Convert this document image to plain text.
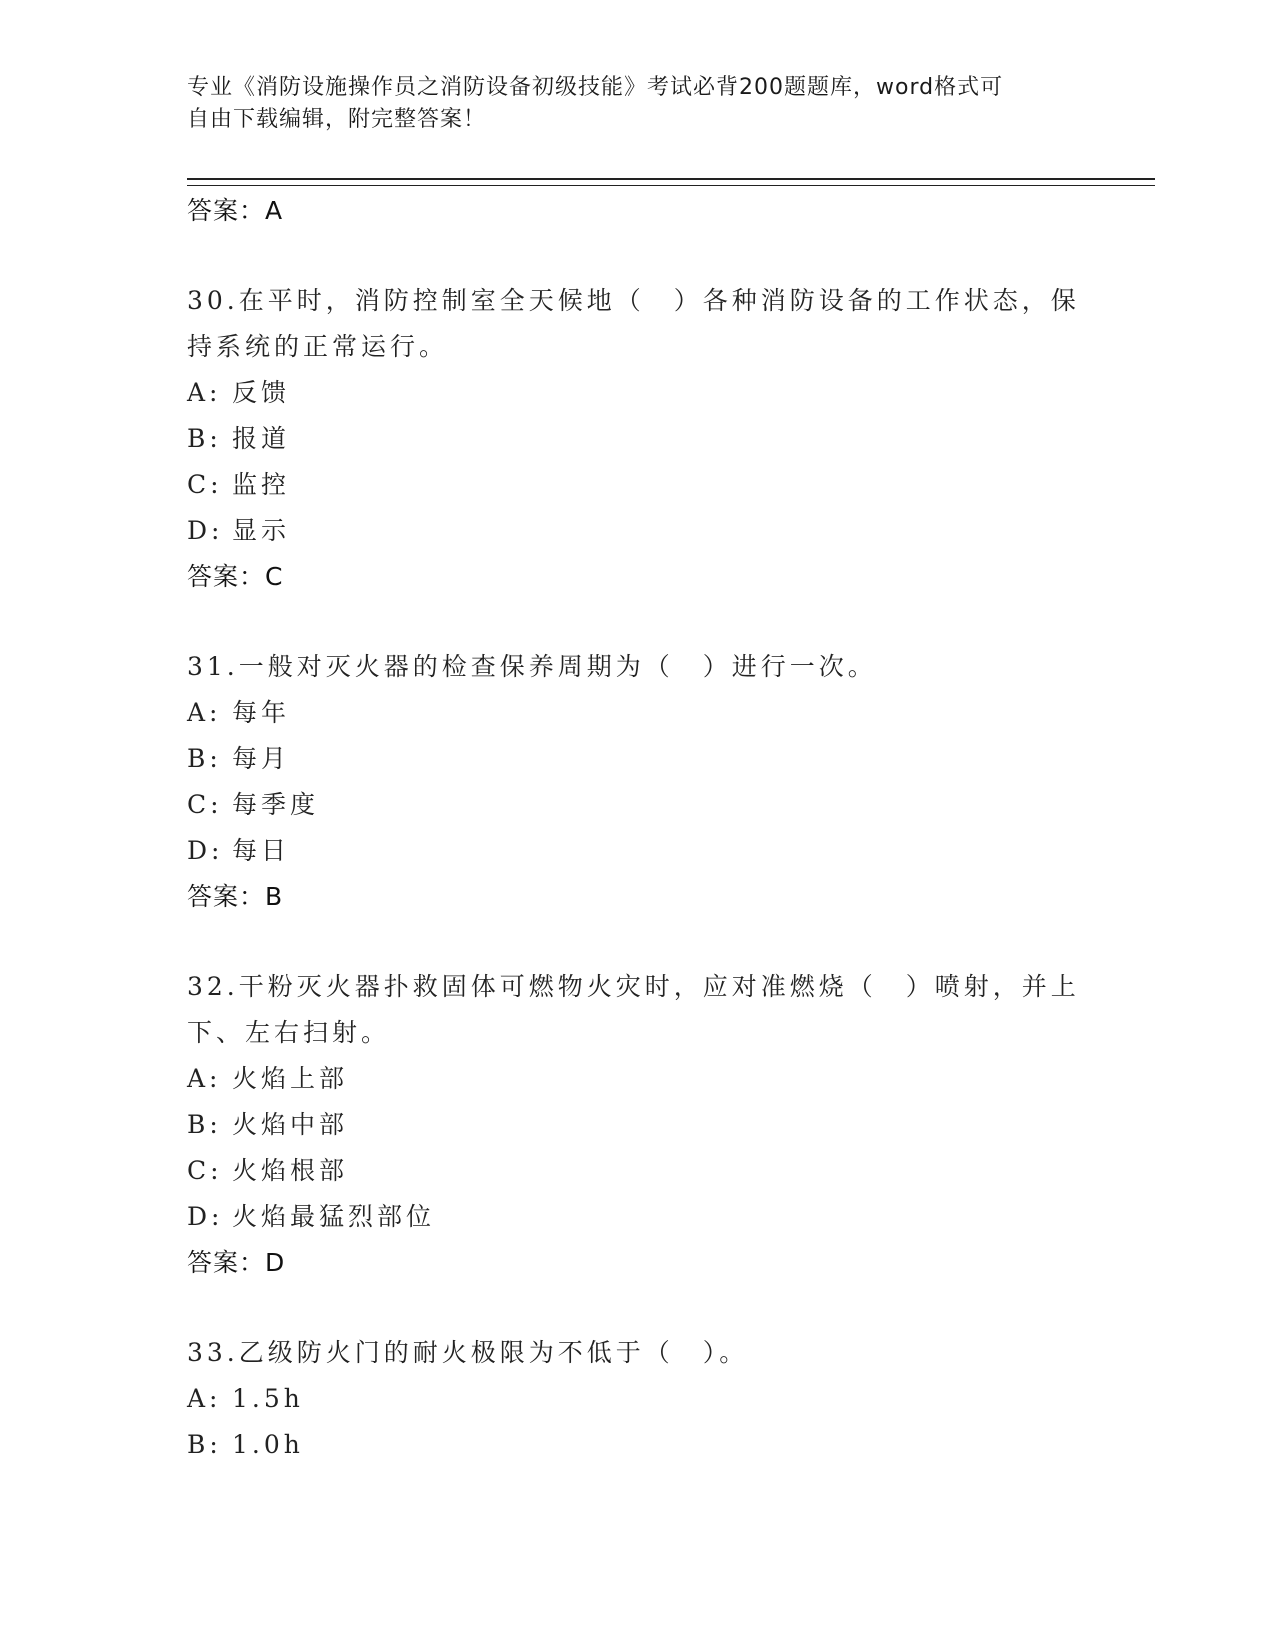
专业《消防设施操作员之消防设备初级技能》考试必背200题题库，word格式可
自由下载编辑，附完整答案！
答案：A
30.在平时，消防控制室全天候地（　）各种消防设备的工作状态，保
持系统的正常运行。
A: 反馈
B: 报道
C: 监控
D: 显示
答案：C
31.一般对灭火器的检查保养周期为（　）进行一次。
A: 每年
B: 每月
C: 每季度
D: 每日
答案：B
32.干粉灭火器扑救固体可燃物火灾时，应对准燃烧（　）喷射，并上
下、左右扫射。
A: 火焰上部
B: 火焰中部
C: 火焰根部
D: 火焰最猛烈部位
答案：D
33.乙级防火门的耐火极限为不低于（　）。
A: 1.5h
B: 1.0h
